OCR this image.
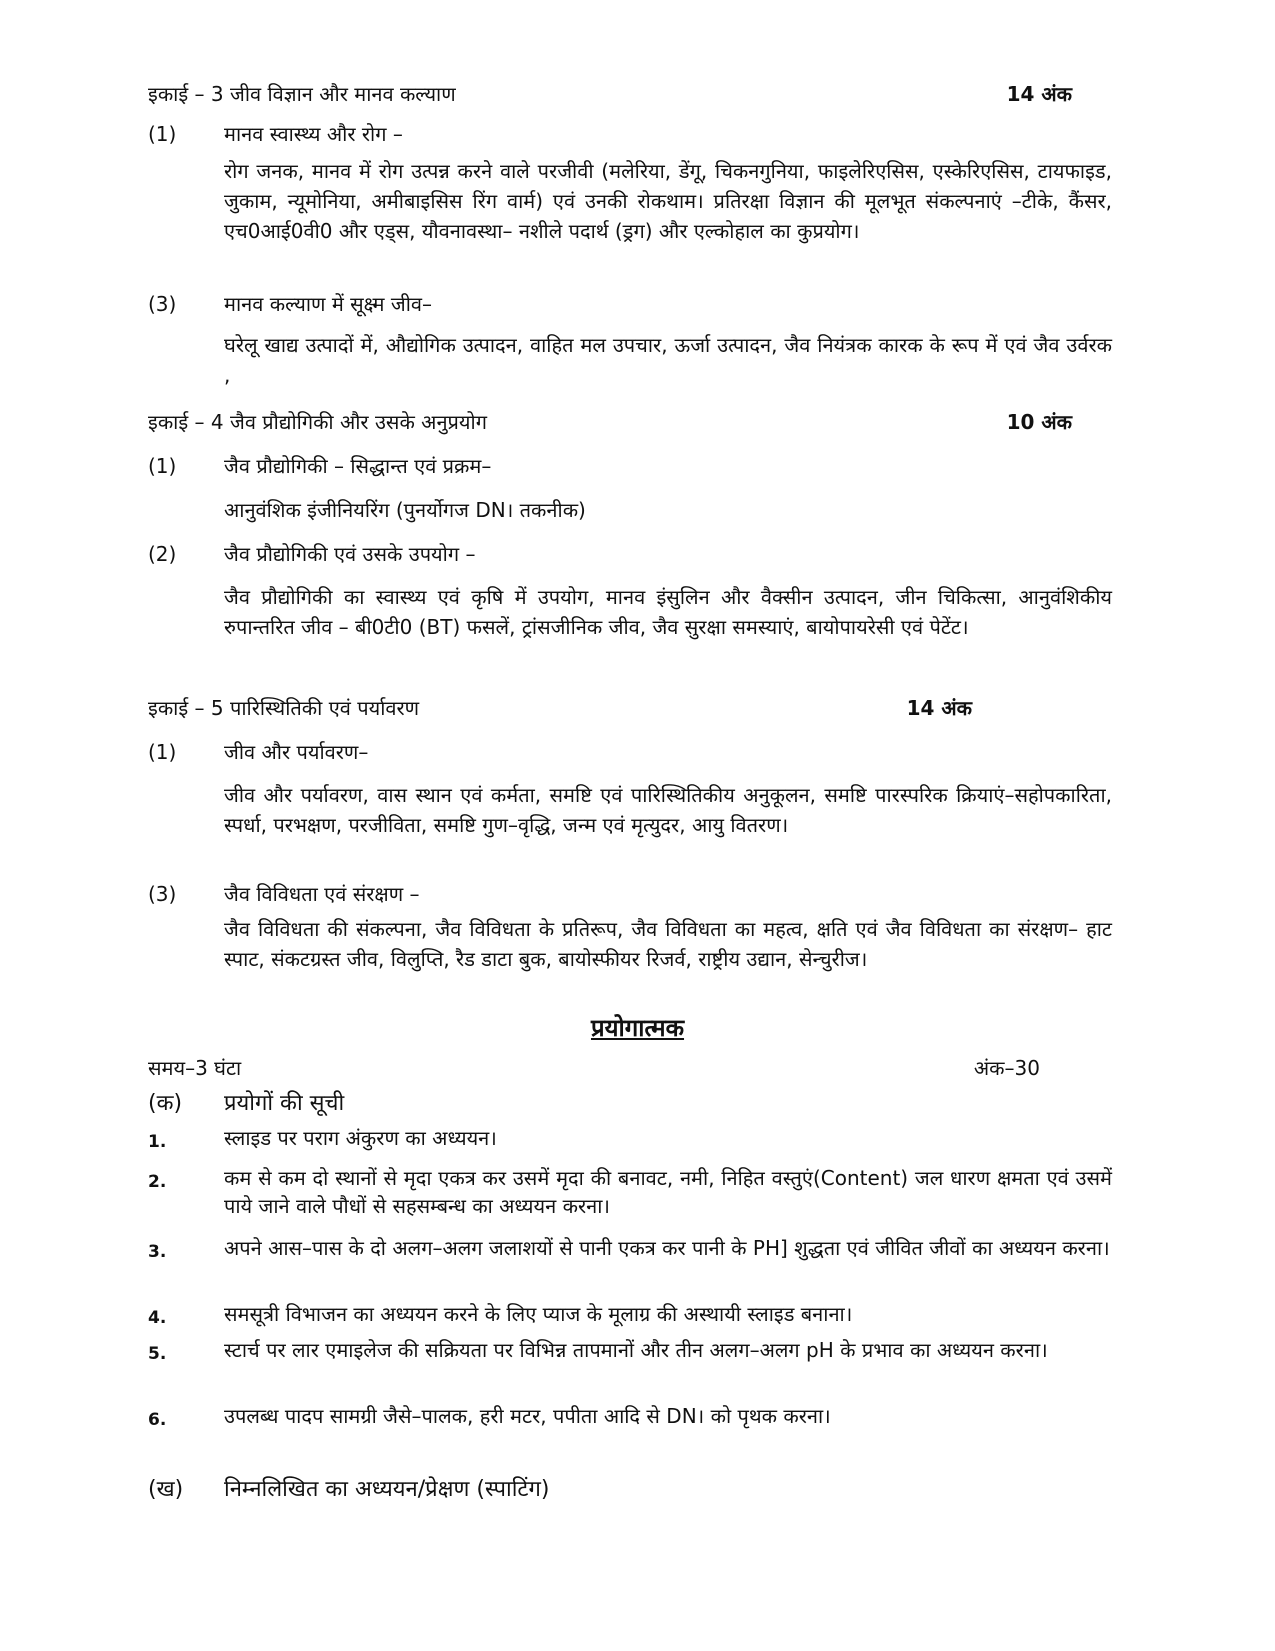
इकाई – 3 जीव विज्ञान और मानव कल्याण	14 अंक
(1) मानव स्वास्थ्य और रोग –
रोग जनक, मानव में रोग उत्पन्न करने वाले परजीवी (मलेरिया, डेंगू, चिकनगुनिया, फाइलेरिएसिस, एस्केरिएसिस, टायफाइड, जुकाम, न्यूमोनिया, अमीबाइसिस रिंग वार्म) एवं उनकी रोकथाम। प्रतिरक्षा विज्ञान की मूलभूत संकल्पनाएं –टीके, कैंसर, एच0आई0वी0 और एड्स, यौवनावस्था– नशीले पदार्थ (ड्रग) और एल्कोहाल का कुप्रयोग।
(3) मानव कल्याण में सूक्ष्म जीव–
घरेलू खाद्य उत्पादों में, औद्योगिक उत्पादन, वाहित मल उपचार, ऊर्जा उत्पादन, जैव नियंत्रक कारक के रूप में एवं जैव उर्वरक ,
इकाई – 4 जैव प्रौद्योगिकी और उसके अनुप्रयोग	10 अंक
(1) जैव प्रौद्योगिकी – सिद्धान्त एवं प्रक्रम–
आनुवंशिक इंजीनियरिंग (पुनर्योगज DN। तकनीक)
(2) जैव प्रौद्योगिकी एवं उसके उपयोग –
जैव प्रौद्योगिकी का स्वास्थ्य एवं कृषि में उपयोग, मानव इंसुलिन और वैक्सीन उत्पादन, जीन चिकित्सा, आनुवंशिकीय रुपान्तरित जीव – बी0टी0 (BT) फसलें, ट्रांसजीनिक जीव, जैव सुरक्षा समस्याएं, बायोपायरेसी एवं पेटेंट।
इकाई – 5 पारिस्थितिकी एवं पर्यावरण	14 अंक
(1) जीव और पर्यावरण–
जीव और पर्यावरण, वास स्थान एवं कर्मता, समष्टि एवं पारिस्थितिकीय अनुकूलन, समष्टि पारस्परिक क्रियाएं–सहोपकारिता, स्पर्धा, परभक्षण, परजीविता, समष्टि गुण–वृद्धि, जन्म एवं मृत्युदर, आयु वितरण।
(3) जैव विविधता एवं संरक्षण –
जैव विविधता की संकल्पना, जैव विविधता के प्रतिरूप, जैव विविधता का महत्व, क्षति एवं जैव विविधता का संरक्षण– हाट स्पाट, संकटग्रस्त जीव, विलुप्ति, रैड डाटा बुक, बायोस्फीयर रिजर्व, राष्ट्रीय उद्यान, सेन्चुरीज।
प्रयोगात्मक
समय–3 घंटा	अंक–30
(क) प्रयोगों की सूची
1.	स्लाइड पर पराग अंकुरण का अध्ययन।
2.	कम से कम दो स्थानों से मृदा एकत्र कर उसमें मृदा की बनावट, नमी, निहित वस्तुएं(Content) जल धारण क्षमता एवं उसमें पाये जाने वाले पौधों से सहसम्बन्ध का अध्ययन करना।
3.	अपने आस–पास के दो अलग–अलग जलाशयों से पानी एकत्र कर पानी के PH] शुद्धता एवं जीवित जीवों का अध्ययन करना।
4.	समसूत्री विभाजन का अध्ययन करने के लिए प्याज के मूलाग्र की अस्थायी स्लाइड बनाना।
5.	स्टार्च पर लार एमाइलेज की सक्रियता पर विभिन्न तापमानों और तीन अलग–अलग pH के प्रभाव का अध्ययन करना।
6.	उपलब्ध पादप सामग्री जैसे–पालक, हरी मटर, पपीता आदि से DN। को पृथक करना।
(ख) निम्नलिखित का अध्ययन/प्रेक्षण (स्पाटिंग)
